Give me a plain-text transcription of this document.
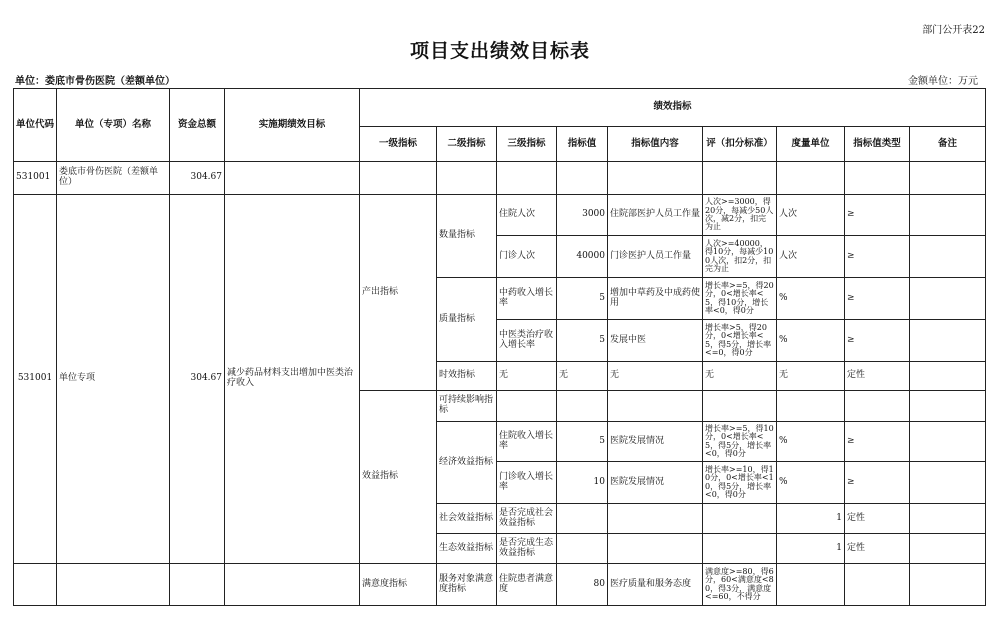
部门公开表22
项目支出绩效目标表
单位：娄底市骨伤医院（差额单位）	金额单位：万元
单位代码	单位（专项）名称	资金总额	实施期绩效目标	绩效指标								
				一级指标	二级指标	三级指标	指标值	指标值内容	评（扣分标准）	度量单位	指标值类型	备注
531001	娄底市骨伤医院（差额单位）	304.67										
531001	单位专项	304.67	减少药品材料支出增加中医类治疗收入	产出指标	数量指标	住院人次	3000	住院部医护人员工作量	人次>=3000，得20分，每减少50人次，减2分，扣完为止	人次	≥	
						门诊人次	40000	门诊医护人员工作量	人次>=40000，得10分，每减少100人次，扣2分，扣完为止	人次	≥	
					质量指标	中药收入增长率	5	增加中草药及中成药使用	增长率>=5，得20分，0<增长率<5，得10分，增长率<0，得0分	%	≥	
						中医类治疗收入增长率	5	发展中医	增长率>5，得20分，0<增长率<5，得5分，增长率<=0，得0分	%	≥	
					时效指标	无	无	无	无	无	定性	
				效益指标	可持续影响指标							
					经济效益指标	住院收入增长率	5	医院发展情况	增长率>=5，得10分，0<增长率<5，得5分，增长率<0，得0分	%	≥	
						门诊收入增长率	10	医院发展情况	增长率>=10，得10分，0<增长率<10，得5分，增长率<0，得0分	%	≥	
					社会效益指标	是否完成社会效益指标				1	定性	
					生态效益指标	是否完成生态效益指标				1	定性	
				满意度指标	服务对象满意度指标	住院患者满意度	80	医疗质量和服务态度	满意度>=80，得6分，60<满意度<80，得3分，满意度<=60，不得分			
